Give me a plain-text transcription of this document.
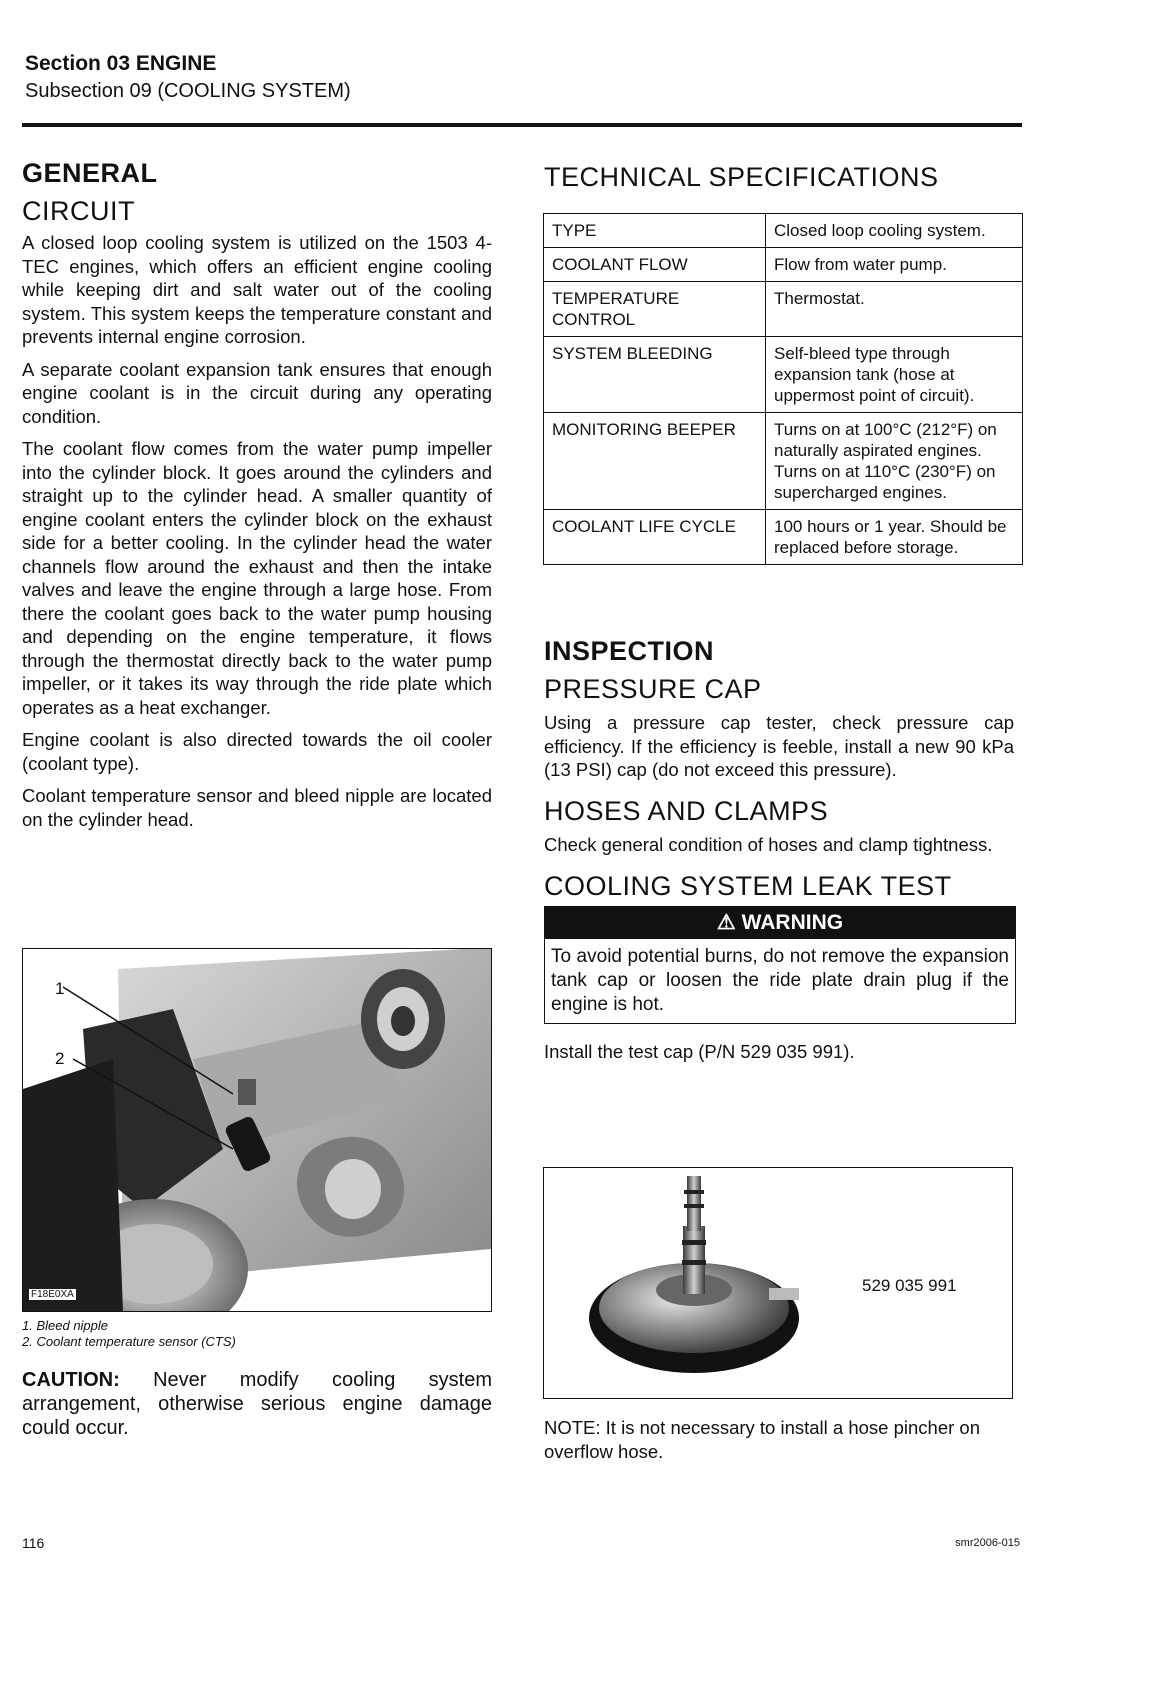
Section 03 ENGINE
Subsection 09 (COOLING SYSTEM)
GENERAL
CIRCUIT

A closed loop cooling system is utilized on the 1503 4-TEC engines, which offers an efficient engine cooling while keeping dirt and salt water out of the cooling system. This system keeps the temperature constant and prevents internal engine corrosion.

A separate coolant expansion tank ensures that enough engine coolant is in the circuit during any operating condition.

The coolant flow comes from the water pump impeller into the cylinder block. It goes around the cylinders and straight up to the cylinder head. A smaller quantity of engine coolant enters the cylinder block on the exhaust side for a better cooling. In the cylinder head the water channels flow around the exhaust and then the intake valves and leave the engine through a large hose. From there the coolant goes back to the water pump housing and depending on the engine temperature, it flows through the thermostat directly back to the water pump impeller, or it takes its way through the ride plate which operates as a heat exchanger.

Engine coolant is also directed towards the oil cooler (coolant type).

Coolant temperature sensor and bleed nipple are located on the cylinder head.

1
2
F18E0XA
1. Bleed nipple
2. Coolant temperature sensor (CTS)
CAUTION: Never modify cooling system arrangement, otherwise serious engine damage could occur.
TECHNICAL SPECIFICATIONS
TYPE	Closed loop cooling system.
COOLANT FLOW	Flow from water pump.
TEMPERATURE CONTROL	Thermostat.
SYSTEM BLEEDING	Self-bleed type through expansion tank (hose at uppermost point of circuit).
MONITORING BEEPER	Turns on at 100°C (212°F) on naturally aspirated engines. Turns on at 110°C (230°F) on supercharged engines.
COOLANT LIFE CYCLE	100 hours or 1 year. Should be replaced before storage.
INSPECTION
PRESSURE CAP

Using a pressure cap tester, check pressure cap efficiency. If the efficiency is feeble, install a new 90 kPa (13 PSI) cap (do not exceed this pressure).

HOSES AND CLAMPS

Check general condition of hoses and clamp tightness.

COOLING SYSTEM LEAK TEST
⚠ WARNING
To avoid potential burns, do not remove the expansion tank cap or loosen the ride plate drain plug if the engine is hot.

Install the test cap (P/N 529 035 991).

529 035 991
NOTE: It is not necessary to install a hose pincher on overflow hose.
116	smr2006-015
